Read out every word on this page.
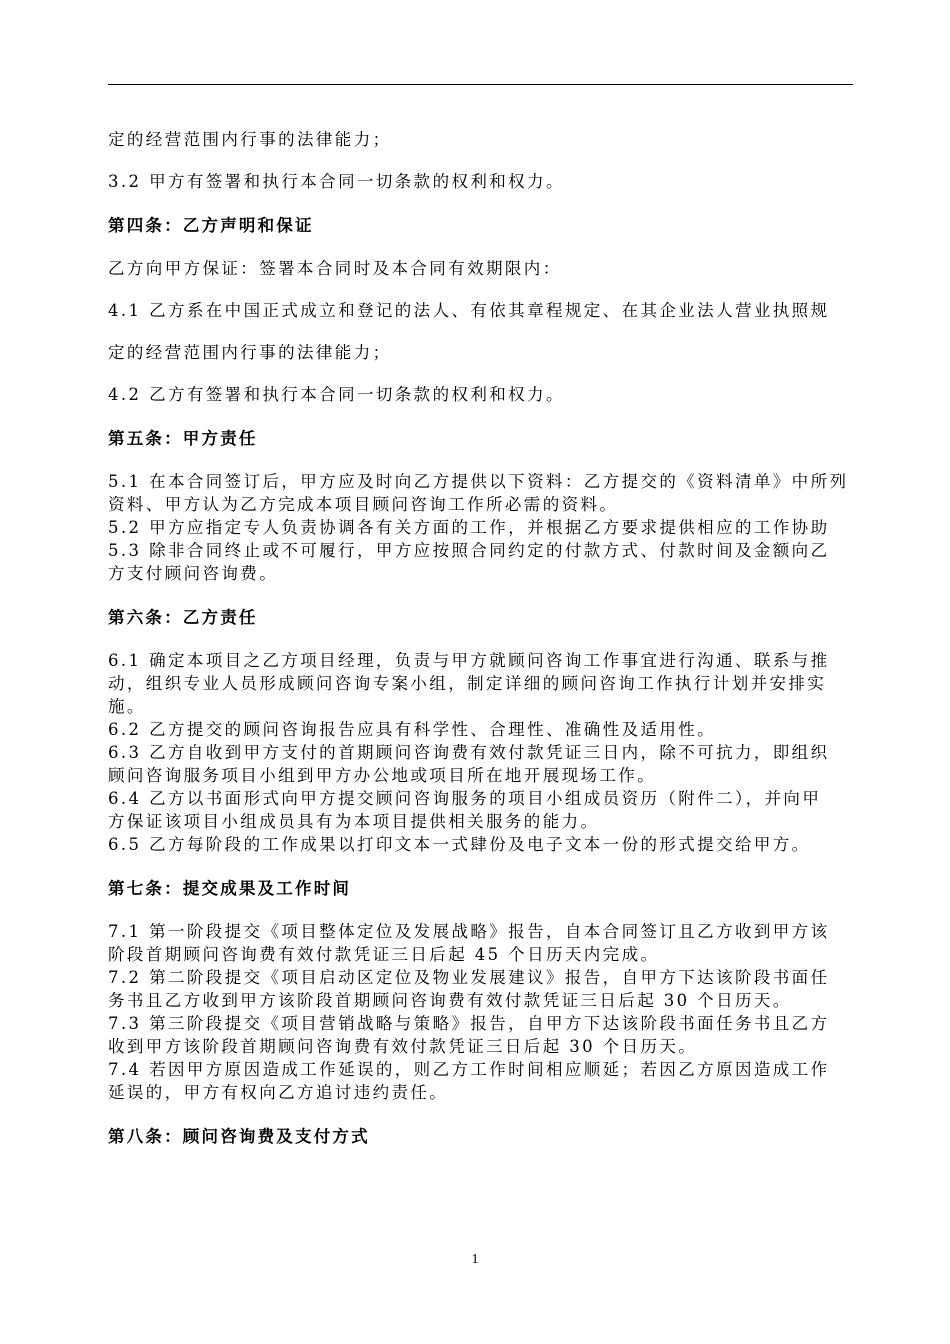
定的经营范围内行事的法律能力；

3.2 甲方有签署和执行本合同一切条款的权利和权力。

第四条：乙方声明和保证

乙方向甲方保证：签署本合同时及本合同有效期限内：

4.1 乙方系在中国正式成立和登记的法人、有依其章程规定、在其企业法人营业执照规

定的经营范围内行事的法律能力；

4.2 乙方有签署和执行本合同一切条款的权利和权力。

第五条：甲方责任

5.1 在本合同签订后，甲方应及时向乙方提供以下资料：乙方提交的《资料清单》中所列

资料、甲方认为乙方完成本项目顾问咨询工作所必需的资料。

5.2 甲方应指定专人负责协调各有关方面的工作，并根据乙方要求提供相应的工作协助

5.3 除非合同终止或不可履行，甲方应按照合同约定的付款方式、付款时间及金额向乙

方支付顾问咨询费。

第六条：乙方责任

6.1 确定本项目之乙方项目经理，负责与甲方就顾问咨询工作事宜进行沟通、联系与推

动，组织专业人员形成顾问咨询专案小组，制定详细的顾问咨询工作执行计划并安排实

施。

6.2 乙方提交的顾问咨询报告应具有科学性、合理性、准确性及适用性。

6.3 乙方自收到甲方支付的首期顾问咨询费有效付款凭证三日内，除不可抗力，即组织

顾问咨询服务项目小组到甲方办公地或项目所在地开展现场工作。

6.4 乙方以书面形式向甲方提交顾问咨询服务的项目小组成员资历（附件二），并向甲

方保证该项目小组成员具有为本项目提供相关服务的能力。

6.5 乙方每阶段的工作成果以打印文本一式肆份及电子文本一份的形式提交给甲方。

第七条：提交成果及工作时间

7.1 第一阶段提交《项目整体定位及发展战略》报告，自本合同签订且乙方收到甲方该

阶段首期顾问咨询费有效付款凭证三日后起 45 个日历天内完成。

7.2 第二阶段提交《项目启动区定位及物业发展建议》报告，自甲方下达该阶段书面任

务书且乙方收到甲方该阶段首期顾问咨询费有效付款凭证三日后起 30 个日历天。

7.3 第三阶段提交《项目营销战略与策略》报告，自甲方下达该阶段书面任务书且乙方

收到甲方该阶段首期顾问咨询费有效付款凭证三日后起 30 个日历天。

7.4 若因甲方原因造成工作延误的，则乙方工作时间相应顺延；若因乙方原因造成工作

延误的，甲方有权向乙方追讨违约责任。

第八条：顾问咨询费及支付方式

1
